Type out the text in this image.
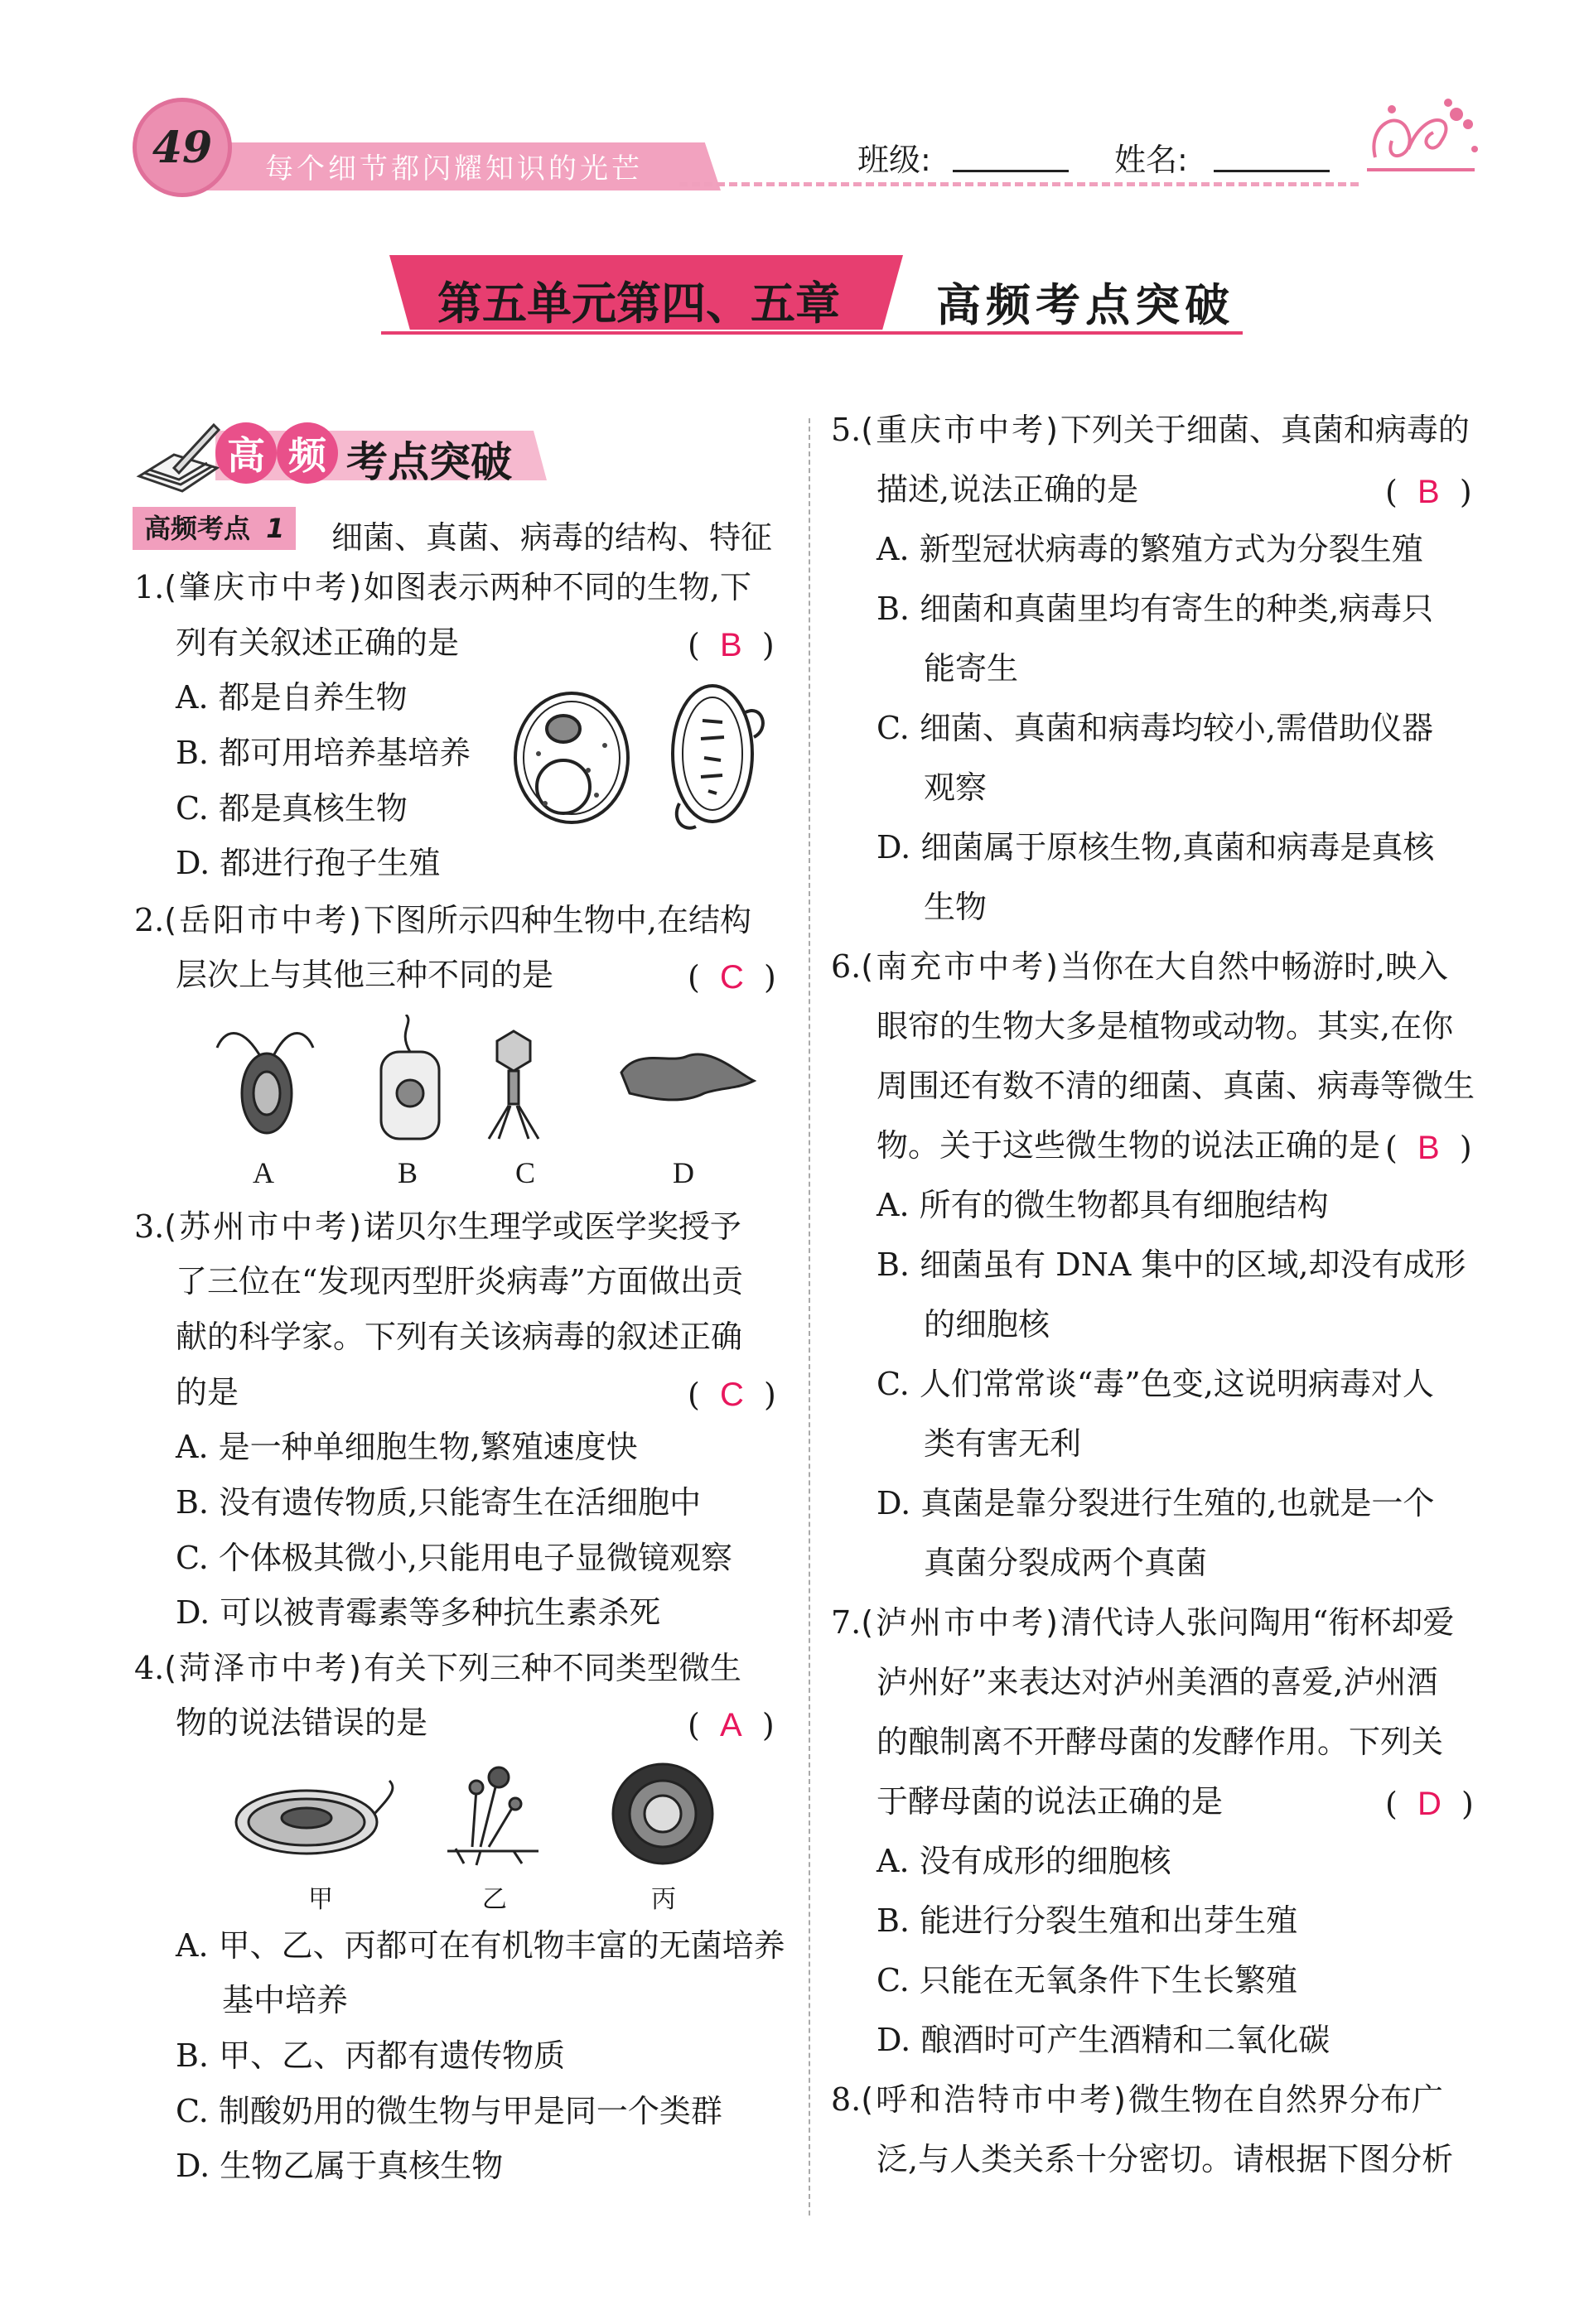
每个细节都闪耀知识的光芒
49	班级:	姓名:
第五单元第四、五章 高频考点突破
高 频 考点突破
高频考点 1	细菌、真菌、病毒的结构、特征
1.(肇庆市中考)如图表示两种不同的生物,下
列有关叙述正确的是	(  B  )
A. 都是自养生物
B. 都可用培养基培养
C. 都是真核生物
D. 都进行孢子生殖
2.(岳阳市中考)下图所示四种生物中,在结构
层次上与其他三种不同的是	(  C  )
A	B	C	D
3.(苏州市中考)诺贝尔生理学或医学奖授予
了三位在“发现丙型肝炎病毒”方面做出贡
献的科学家。下列有关该病毒的叙述正确
的是	(  C  )
A. 是一种单细胞生物,繁殖速度快
B. 没有遗传物质,只能寄生在活细胞中
C. 个体极其微小,只能用电子显微镜观察
D. 可以被青霉素等多种抗生素杀死
4.(菏泽市中考)有关下列三种不同类型微生
物的说法错误的是	(  A  )
甲	乙	丙
A. 甲、乙、丙都可在有机物丰富的无菌培养
基中培养
B. 甲、乙、丙都有遗传物质
C. 制酸奶用的微生物与甲是同一个类群
D. 生物乙属于真核生物
5.(重庆市中考)下列关于细菌、真菌和病毒的
描述,说法正确的是	(  B  )
A. 新型冠状病毒的繁殖方式为分裂生殖
B. 细菌和真菌里均有寄生的种类,病毒只
能寄生
C. 细菌、真菌和病毒均较小,需借助仪器
观察
D. 细菌属于原核生物,真菌和病毒是真核
生物
6.(南充市中考)当你在大自然中畅游时,映入
眼帘的生物大多是植物或动物。其实,在你
周围还有数不清的细菌、真菌、病毒等微生
物。关于这些微生物的说法正确的是 (  B  )
A. 所有的微生物都具有细胞结构
B. 细菌虽有 DNA 集中的区域,却没有成形
的细胞核
C. 人们常常谈“毒”色变,这说明病毒对人
类有害无利
D. 真菌是靠分裂进行生殖的,也就是一个
真菌分裂成两个真菌
7.(泸州市中考)清代诗人张问陶用“衔杯却爱
泸州好”来表达对泸州美酒的喜爱,泸州酒
的酿制离不开酵母菌的发酵作用。下列关
于酵母菌的说法正确的是	(  D  )
A. 没有成形的细胞核
B. 能进行分裂生殖和出芽生殖
C. 只能在无氧条件下生长繁殖
D. 酿酒时可产生酒精和二氧化碳
8.(呼和浩特市中考)微生物在自然界分布广
泛,与人类关系十分密切。请根据下图分析
